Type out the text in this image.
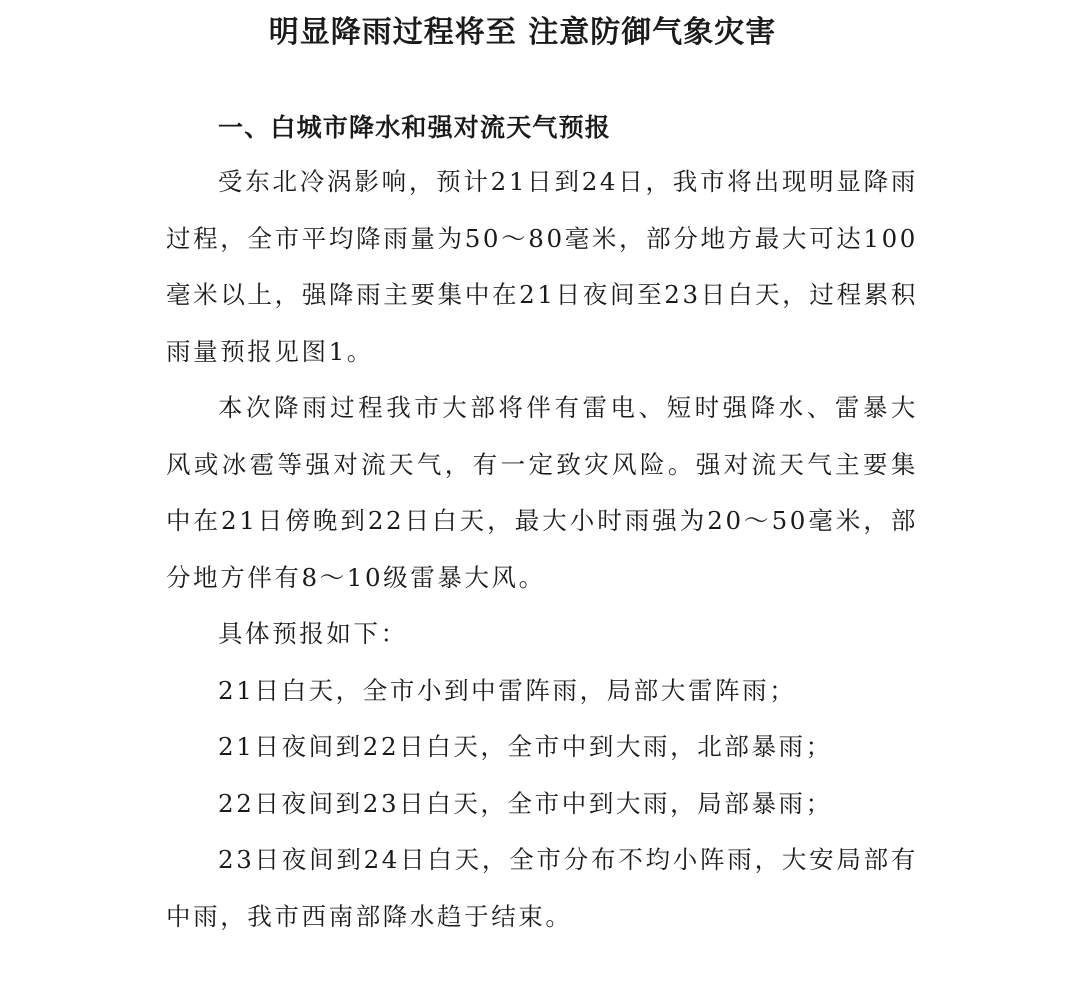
明显降雨过程将至 注意防御气象灾害
一、白城市降水和强对流天气预报

受东北冷涡影响，预计21日到24日，我市将出现明显降雨过程，全市平均降雨量为50～80毫米，部分地方最大可达100毫米以上，强降雨主要集中在21日夜间至23日白天，过程累积雨量预报见图1。

本次降雨过程我市大部将伴有雷电、短时强降水、雷暴大风或冰雹等强对流天气，有一定致灾风险。强对流天气主要集中在21日傍晚到22日白天，最大小时雨强为20～50毫米，部分地方伴有8～10级雷暴大风。

具体预报如下：

21日白天，全市小到中雷阵雨，局部大雷阵雨；

21日夜间到22日白天，全市中到大雨，北部暴雨；

22日夜间到23日白天，全市中到大雨，局部暴雨；

23日夜间到24日白天，全市分布不均小阵雨，大安局部有中雨，我市西南部降水趋于结束。
